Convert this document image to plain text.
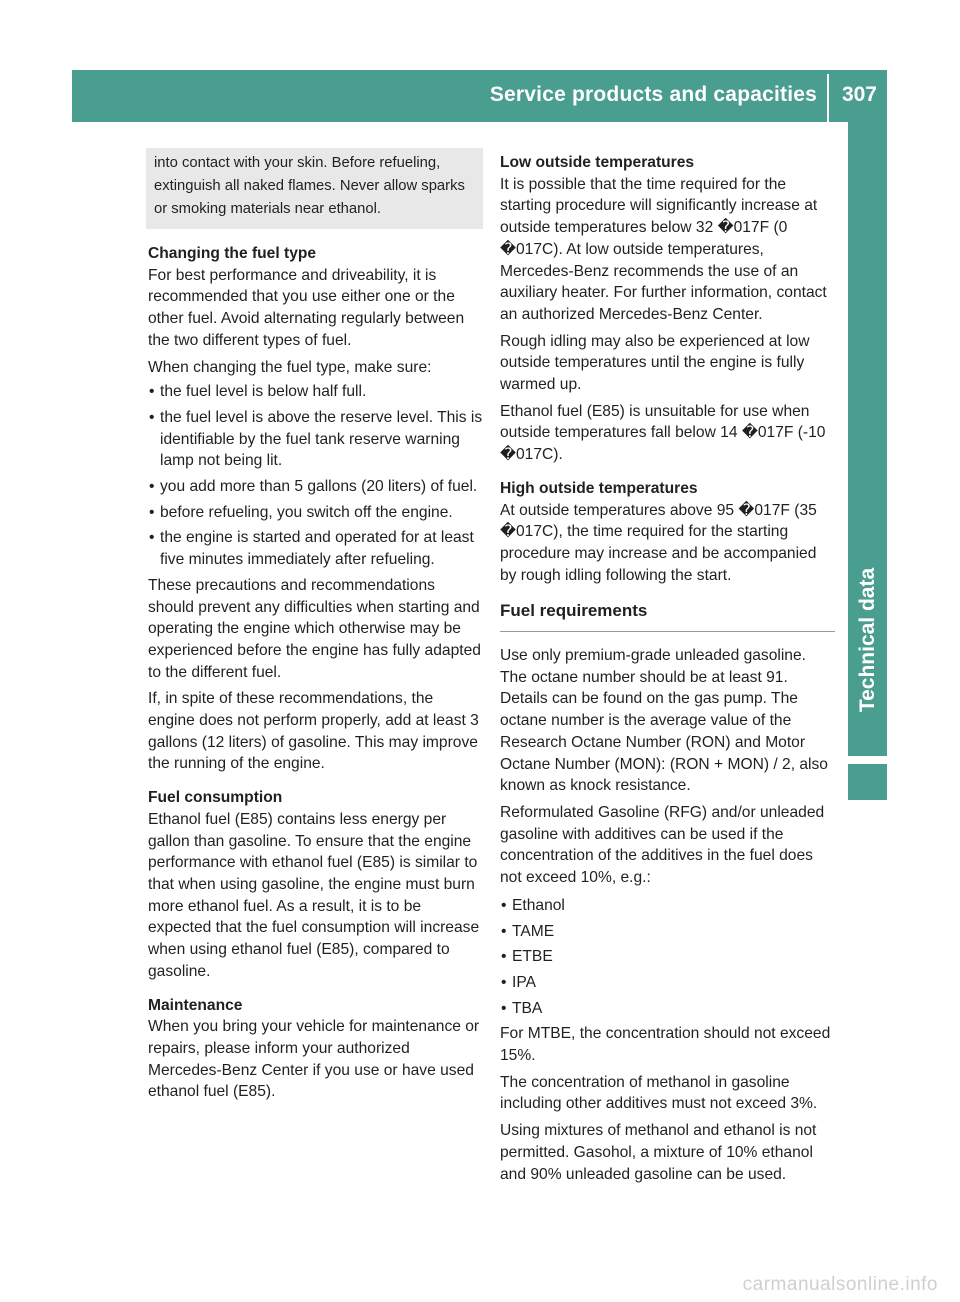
Service products and capacities 307
Technical data
into contact with your skin. Before refueling, extinguish all naked flames. Never allow sparks or smoking materials near ethanol.
Changing the fuel type

For best performance and driveability, it is recommended that you use either one or the other fuel. Avoid alternating regularly between the two different types of fuel.

When changing the fuel type, make sure:

• the fuel level is below half full.
• the fuel level is above the reserve level. This is identifiable by the fuel tank reserve warning lamp not being lit.
• you add more than 5 gallons (20 liters) of fuel.
• before refueling, you switch off the engine.
• the engine is started and operated for at least five minutes immediately after refueling.

These precautions and recommendations should prevent any difficulties when starting and operating the engine which otherwise may be experienced before the engine has fully adapted to the different fuel.

If, in spite of these recommendations, the engine does not perform properly, add at least 3 gallons (12 liters) of gasoline. This may improve the running of the engine.

Fuel consumption

Ethanol fuel (E85) contains less energy per gallon than gasoline. To ensure that the engine performance with ethanol fuel (E85) is similar to that when using gasoline, the engine must burn more ethanol fuel. As a result, it is to be expected that the fuel consumption will increase when using ethanol fuel (E85), compared to gasoline.

Maintenance

When you bring your vehicle for maintenance or repairs, please inform your authorized Mercedes-Benz Center if you use or have used ethanol fuel (E85).

Low outside temperatures

It is possible that the time required for the starting procedure will significantly increase at outside temperatures below 32 �017F (0 �017C). At low outside temperatures, Mercedes-Benz recommends the use of an auxiliary heater. For further information, contact an authorized Mercedes-Benz Center.

Rough idling may also be experienced at low outside temperatures until the engine is fully warmed up.

Ethanol fuel (E85) is unsuitable for use when outside temperatures fall below 14 �017F (-10 �017C).

High outside temperatures

At outside temperatures above 95 �017F (35 �017C), the time required for the starting procedure may increase and be accompanied by rough idling following the start.

Fuel requirements

Use only premium-grade unleaded gasoline. The octane number should be at least 91. Details can be found on the gas pump. The octane number is the average value of the Research Octane Number (RON) and Motor Octane Number (MON): (RON + MON) / 2, also known as knock resistance.

Reformulated Gasoline (RFG) and/or unleaded gasoline with additives can be used if the concentration of the additives in the fuel does not exceed 10%, e.g.:

• Ethanol
• TAME
• ETBE
• IPA
• TBA

For MTBE, the concentration should not exceed 15%.

The concentration of methanol in gasoline including other additives must not exceed 3%.

Using mixtures of methanol and ethanol is not permitted. Gasohol, a mixture of 10% ethanol and 90% unleaded gasoline can be used.

carmanualsonline.info
